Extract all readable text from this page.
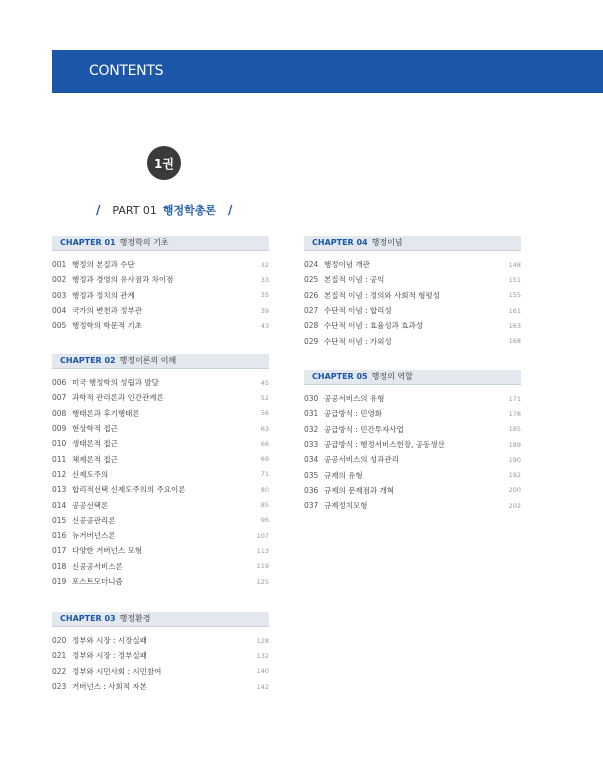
CONTENTS
1권
/ PART 01 행정학총론 /
CHAPTER 01 행정학의 기초
001 행정의 본질과 수단	32
002 행정과 경영의 유사점과 차이점	33
003 행정과 정치의 관계	35
004 국가의 변천과 정부관	39
005 행정학의 학문적 기초	43
CHAPTER 02 행정이론의 이해
006 미국 행정학의 성립과 발달	45
007 과학적 관리론과 인간관계론	52
008 행태론과 후기행태론	56
009 현상학적 접근	63
010 생태론적 접근	66
011 체제론적 접근	69
012 신제도주의	71
013 합리적선택 신제도주의의 주요이론	80
014 공공선택론	85
015 신공공관리론	96
016 뉴거버넌스론	107
017 다양한 거버넌스 모형	113
018 신공공서비스론	119
019 포스트모더니즘	125
CHAPTER 03 행정환경
020 정부와 시장 : 시장실패	128
021 정부와 시장 : 정부실패	132
022 정부와 시민사회 : 시민참여	140
023 거버넌스 : 사회적 자본	142
CHAPTER 04 행정이념
024 행정이념 개관	148
025 본질적 이념 : 공익	151
026 본질적 이념 : 정의와 사회적 형평성	155
027 수단적 이념 : 합리성	161
028 수단적 이념 : 효율성과 효과성	163
029 수단적 이념 : 가외성	168
CHAPTER 05 행정의 역할
030 공공서비스의 유형	171
031 공급방식 : 민영화	178
032 공급방식 : 민간투자사업	185
033 공급방식 : 행정서비스헌장, 공동생산	189
034 공공서비스의 성과관리	190
035 규제의 유형	192
036 규제의 문제점과 개혁	200
037 규제정치모형	202
